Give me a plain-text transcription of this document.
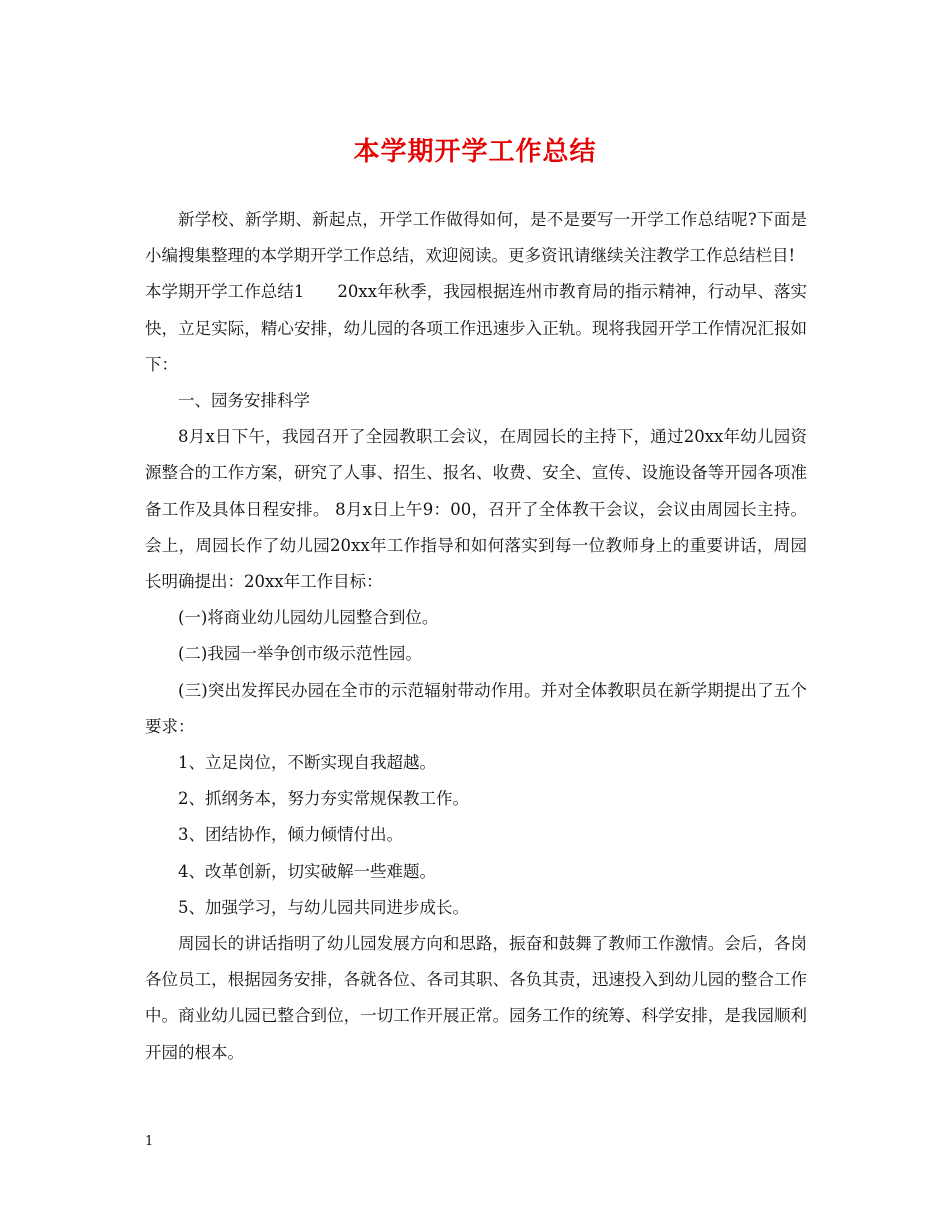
本学期开学工作总结

新学校、新学期、新起点，开学工作做得如何，是不是要写一开学工作总结呢?下面是小编搜集整理的本学期开学工作总结，欢迎阅读。更多资讯请继续关注教学工作总结栏目!

本学期开学工作总结1　　20xx年秋季，我园根据连州市教育局的指示精神，行动早、落实快，立足实际，精心安排，幼儿园的各项工作迅速步入正轨。现将我园开学工作情况汇报如下：

一、园务安排科学

8月x日下午，我园召开了全园教职工会议，在周园长的主持下，通过20xx年幼儿园资源整合的工作方案，研究了人事、招生、报名、收费、安全、宣传、设施设备等开园各项准备工作及具体日程安排。 8月x日上午9：00，召开了全体教干会议，会议由周园长主持。会上，周园长作了幼儿园20xx年工作指导和如何落实到每一位教师身上的重要讲话，周园长明确提出：20xx年工作目标：

(一)将商业幼儿园幼儿园整合到位。

(二)我园一举争创市级示范性园。

(三)突出发挥民办园在全市的示范辐射带动作用。并对全体教职员在新学期提出了五个要求：

1、立足岗位，不断实现自我超越。

2、抓纲务本，努力夯实常规保教工作。

3、团结协作，倾力倾情付出。

4、改革创新，切实破解一些难题。

5、加强学习，与幼儿园共同进步成长。

周园长的讲话指明了幼儿园发展方向和思路，振奋和鼓舞了教师工作激情。会后，各岗各位员工，根据园务安排，各就各位、各司其职、各负其责，迅速投入到幼儿园的整合工作中。商业幼儿园已整合到位，一切工作开展正常。园务工作的统筹、科学安排，是我园顺利开园的根本。

1
